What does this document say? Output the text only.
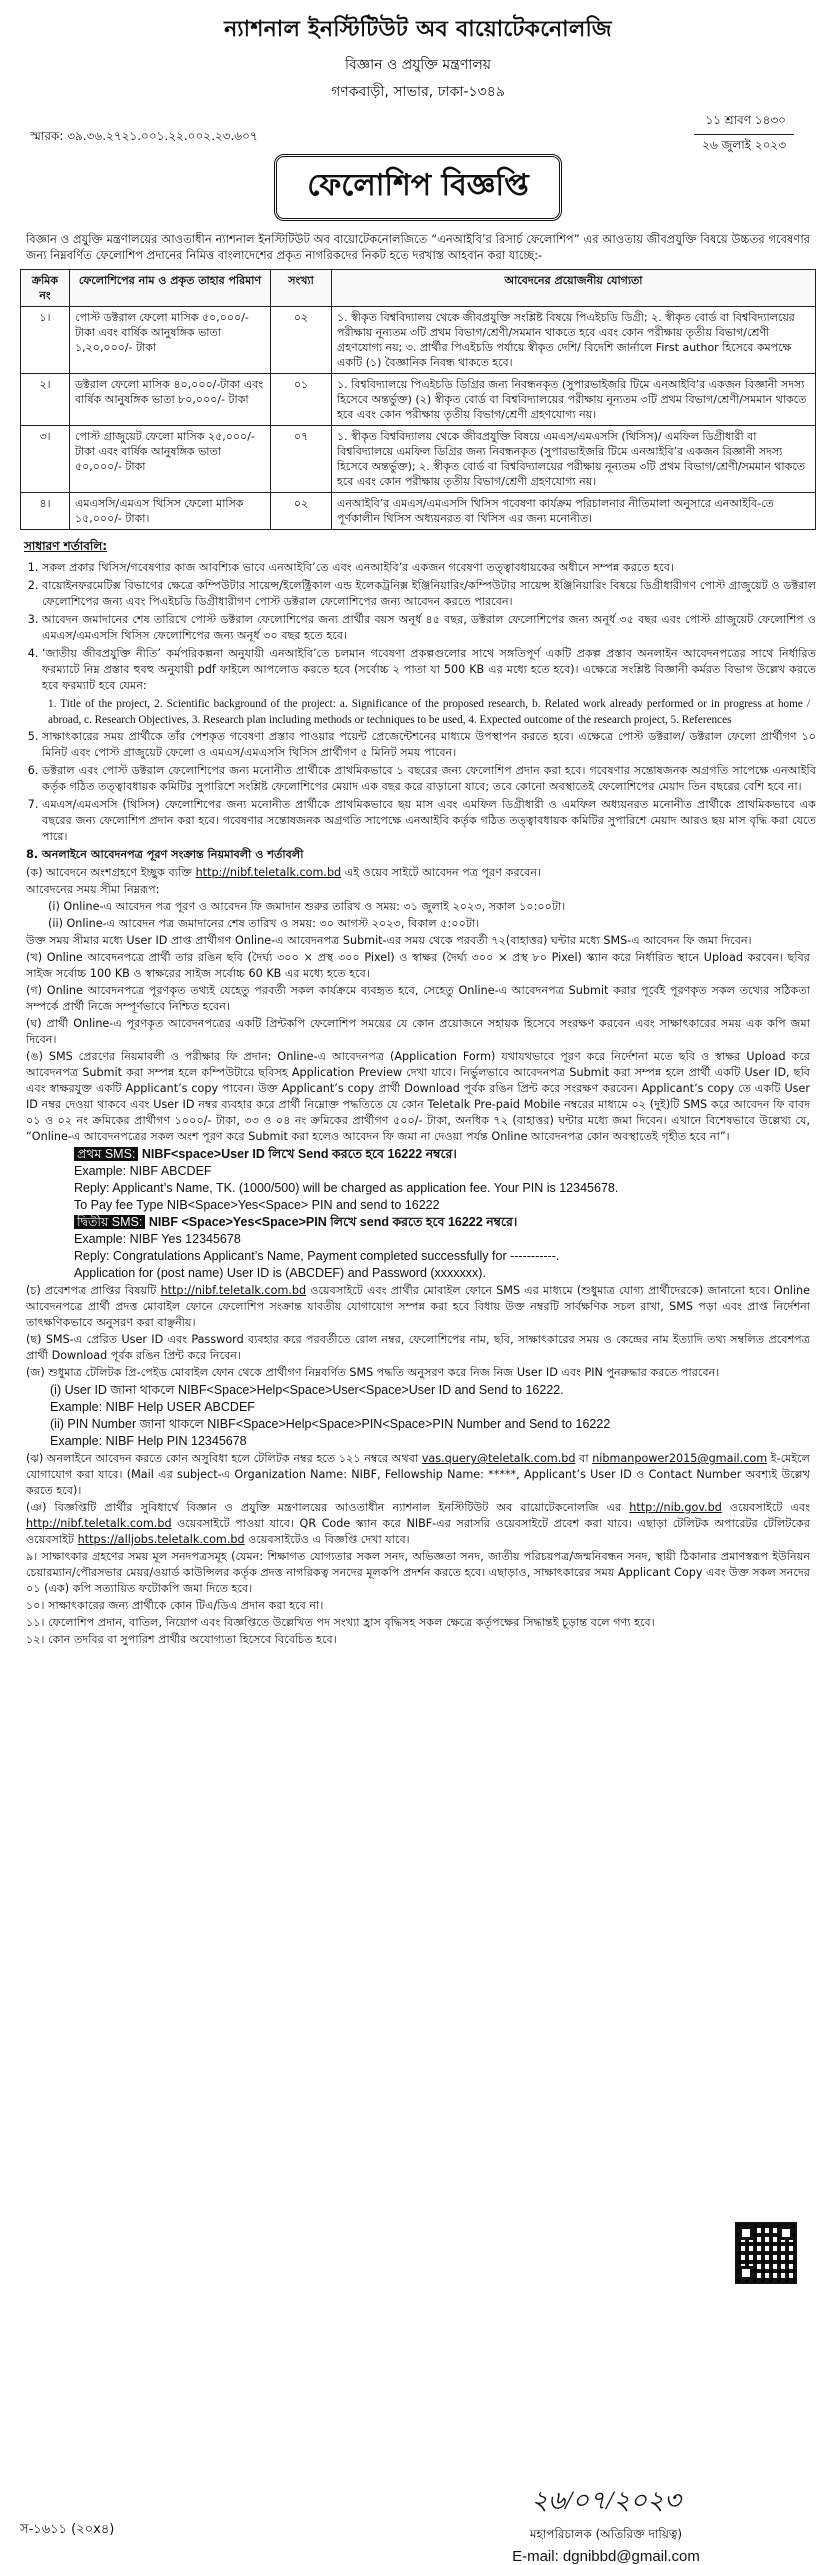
ন্যাশনাল ইনস্টিটিউট অব বায়োটেকনোলজি
বিজ্ঞান ও প্রযুক্তি মন্ত্রণালয়
গণকবাড়ী, সাভার, ঢাকা-১৩৪৯
স্মারক: ৩৯.৩৬.২৭২১.০০১.২২.০০২.২৩.৬০৭
১১ শ্রাবণ ১৪৩০
২৬ জুলাই ২০২৩
ফেলোশিপ বিজ্ঞপ্তি
বিজ্ঞান ও প্রযুক্তি মন্ত্রণালয়ের আওতাধীন ন্যাশনাল ইনস্টিটিউট অব বায়োটেকনোলজিতে “এনআইবি’র রিসার্চ ফেলোশিপ” এর আওতায় জীবপ্রযুক্তি বিষয়ে উচ্চতর গবেষণার জন্য নিম্নবর্ণিত ফেলোশিপ প্রদানের নিমিত্ত বাংলাদেশের প্রকৃত নাগরিকদের নিকট হতে দরখাস্ত আহবান করা যাচ্ছে:-
ক্রমিক নং	ফেলোশিপের নাম ও প্রকৃত তাহার পরিমাণ	সংখ্যা	আবেদনের প্রয়োজনীয় যোগ্যতা
১।	পোস্ট ডক্টরাল ফেলো মাসিক ৫০,০০০/- টাকা এবং বার্ষিক আনুষঙ্গিক ভাতা ১,২০,০০০/- টাকা	০২	১. স্বীকৃত বিশ্ববিদ্যালয় থেকে জীবপ্রযুক্তি সংশ্লিষ্ট বিষয়ে পিএইচডি ডিগ্রী; ২. স্বীকৃত বোর্ড বা বিশ্ববিদ্যালয়ের পরীক্ষায় নূন্যতম ৩টি প্রথম বিভাগ/শ্রেণী/সমমান থাকতে হবে এবং কোন পরীক্ষায় তৃতীয় বিভাগ/শ্রেণী গ্রহণযোগ্য নয়; ৩. প্রার্থীর পিএইচডি পর্যায়ে স্বীকৃত দেশি/ বিদেশি জার্নালে First author হিসেবে কমপক্ষে একটি (১) বৈজ্ঞানিক নিবন্ধ থাকতে হবে।
২।	ডক্টরাল ফেলো মাসিক ৪০,০০০/-টাকা এবং বার্ষিক আনুষঙ্গিক ভাতা ৮০,০০০/- টাকা	০১	১. বিশ্ববিদ্যালয়ে পিএইচডি ডিগ্রির জন্য নিবন্ধনকৃত (সুপারভাইজরি টিমে এনআইবি’র একজন বিজ্ঞানী সদস্য হিসেবে অন্তর্ভুক্ত) (২) স্বীকৃত বোর্ড বা বিশ্ববিদ্যালয়ের পরীক্ষায় নূন্যতম ৩টি প্রথম বিভাগ/শ্রেণী/সমমান থাকতে হবে এবং কোন পরীক্ষায় তৃতীয় বিভাগ/শ্রেণী গ্রহণযোগ্য নয়।
৩।	পোস্ট গ্রাজুয়েট ফেলো মাসিক ২৫,০০০/- টাকা এবং বার্ষিক আনুষঙ্গিক ভাতা ৫০,০০০/- টাকা	০৭	১. স্বীকৃত বিশ্ববিদ্যালয় থেকে জীবপ্রযুক্তি বিষয়ে এমএস/এমএসসি (থিসিস)/ এমফিল ডিগ্রীধারী বা বিশ্ববিদ্যালয়ে এমফিল ডিগ্রির জন্য নিবন্ধনকৃত (সুপারভাইজরি টিমে এনআইবি’র একজন বিজ্ঞানী সদস্য হিসেবে অন্তর্ভুক্ত); ২. স্বীকৃত বোর্ড বা বিশ্ববিদ্যালয়ের পরীক্ষায় নূন্যতম ৩টি প্রথম বিভাগ/শ্রেণী/সমমান থাকতে হবে এবং কোন পরীক্ষায় তৃতীয় বিভাগ/শ্রেণী গ্রহণযোগ্য নয়।
৪।	এমএসসি/এমএস থিসিস ফেলো মাসিক ১৫,০০০/- টাকা।	০২	এনআইবি’র এমএস/এমএসসি থিসিস গবেষণা কার্যক্রম পরিচালনার নীতিমালা অনুসারে এনআইবি-তে পূর্ণকালীন থিসিস অধ্যয়নরত বা থিসিস এর জন্য মনোনীত।
সাধারণ শর্তাবলি:
1. সকল প্রকার থিসিস/গবেষণার কাজ আবশ্যিক ভাবে এনআইবি’তে এবং এনআইবি’র একজন গবেষণা তত্ত্বাবধায়কের অধীনে সম্পন্ন করতে হবে।
2. বায়োইনফরমেটিক্স বিভাগের ক্ষেত্রে কম্পিউটার সায়েন্স/ইলেক্ট্রিকাল এন্ড ইলেকট্রনিক্স ইঞ্জিনিয়ারিং/কম্পিউটার সায়েন্স ইঞ্জিনিয়ারিং বিষয়ে ডিগ্রীধারীগণ পোস্ট গ্রাজুয়েট ও ডক্টরাল ফেলোশিপের জন্য এবং পিএইচডি ডিগ্রীধারীগণ পোস্ট ডক্টরাল ফেলোশিপের জন্য আবেদন করতে পারবেন।
3. আবেদন জমাদানের শেষ তারিখে পোস্ট ডক্টরাল ফেলোশিপের জন্য প্রার্থীর বয়স অনূর্ধ ৪৫ বছর, ডক্টরাল ফেলোশিপের জন্য অনূর্ধ ৩৫ বছর এবং পোস্ট গ্রাজুয়েট ফেলোশিপ ও এমএস/এমএসসি থিসিস ফেলোশিপের জন্য অনূর্ধ ৩০ বছর হতে হবে।
4. ‘জাতীয় জীবপ্রযুক্তি নীতি’ কর্মপরিকল্পনা অনুযায়ী এনআইবি’তে চলমান গবেষণা প্রকল্পগুলোর সাথে সঙ্গতিপূর্ণ একটি প্রকল্প প্রস্তাব অনলাইন আবেদনপত্রের সাথে নির্ধারিত ফরম্যাটে নিম্ন প্রস্তাব হুবহু অনুযায়ী pdf ফাইলে আপলোড করতে হবে (সর্বোচ্চ ২ পাতা যা 500 KB এর মধ্যে হতে হবে)। এক্ষেত্রে সংশ্লিষ্ট বিজ্ঞানী কর্মরত বিভাগ উল্লেখ করতে হবে ফরম্যাট হবে যেমন:
1. Title of the project, 2. Scientific background of the project: a. Significance of the proposed research, b. Related work already performed or in progress at home / abroad, c. Research Objectives, 3. Research plan including methods or techniques to be used, 4. Expected outcome of the research project, 5. References
5. সাক্ষাৎকারের সময় প্রার্থীকে তাঁর পেশকৃত গবেষণা প্রস্তাব পাওয়ার পয়েন্ট প্রেজেন্টেশনের মাধ্যমে উপস্থাপন করতে হবে। এক্ষেত্রে পোস্ট ডক্টরাল/ ডক্টরাল ফেলো প্রার্থীগণ ১০ মিনিট এবং পোস্ট গ্রাজুয়েট ফেলো ও এমএস/এমএসসি থিসিস প্রার্থীগণ ৫ মিনিট সময় পাবেন।
6. ডক্টরাল এবং পোস্ট ডক্টরাল ফেলোশিপের জন্য মনোনীত প্রার্থীকে প্রাথমিকভাবে ১ বছরের জন্য ফেলোশিপ প্রদান করা হবে। গবেষণার সন্তোষজনক অগ্রগতি সাপেক্ষে এনআইবি কর্তৃক গঠিত তত্ত্বাবধায়ক কমিটির সুপারিশে সংশ্লিষ্ট ফেলোশিপের মেয়াদ এক বছর করে বাড়ানো যাবে; তবে কোনো অবস্থাতেই ফেলোশিপের মেয়াদ তিন বছরের বেশি হবে না।
7. এমএস/এমএসসি (থিসিস) ফেলোশিপের জন্য মনোনীত প্রার্থীকে প্রাথমিকভাবে ছয় মাস এবং এমফিল ডিগ্রীধারী ও এমফিল অধ্যয়নরত মনোনীত প্রার্থীকে প্রাথমিকভাবে এক বছরের জন্য ফেলোশিপ প্রদান করা হবে। গবেষণার সন্তোষজনক অগ্রগতি সাপেক্ষে এনআইবি কর্তৃক গঠিত তত্ত্বাবধায়ক কমিটির সুপারিশে মেয়াদ আরও ছয় মাস বৃদ্ধি করা যেতে পারে।
8. অনলাইনে আবেদনপত্র পূরণ সংক্রান্ত নিয়মাবলী ও শর্তাবলী
(ক) আবেদনে অংশগ্রহণে ইচ্ছুক ব্যক্তি http://nibf.teletalk.com.bd এই ওয়েব সাইটে আবেদন পত্র পূরণ করবেন।
আবেদনের সময় সীমা নিম্নরূপ:
(i) Online-এ আবেদন পত্র পূরণ ও আবেদন ফি জমাদান শুরুর তারিখ ও সময়: ৩১ জুলাই ২০২৩, সকাল ১০:০০টা।
(ii) Online-এ আবেদন পত্র জমাদানের শেষ তারিখ ও সময়: ৩০ আগস্ট ২০২৩, বিকাল ৫:০০টা।
উক্ত সময় সীমার মধ্যে User ID প্রাপ্ত প্রার্থীগণ Online-এ আবেদনপত্র Submit-এর সময় থেকে পরবর্তী ৭২(বাহাত্তর) ঘন্টার মধ্যে SMS-এ আবেদন ফি জমা দিবেন।
(খ) Online আবেদনপত্রে প্রার্থী তার রঙিন ছবি (দৈর্ঘ্য ৩০০ × প্রস্থ ৩০০ Pixel) ও স্বাক্ষর (দৈর্ঘ্য ৩০০ × প্রস্থ ৮০ Pixel) স্ক্যান করে নির্ধারিত স্থানে Upload করবেন। ছবির সাইজ সর্বোচ্চ 100 KB ও স্বাক্ষরের সাইজ সর্বোচ্চ 60 KB এর মধ্যে হতে হবে।
(গ) Online আবেদনপত্রে পূরণকৃত তথ্যই যেহেতু পরবর্তী সকল কার্যক্রমে ব্যবহৃত হবে, সেহেতু Online-এ আবেদনপত্র Submit করার পূর্বেই পূরণকৃত সকল তথ্যের সঠিকতা সম্পর্কে প্রার্থী নিজে সম্পূর্ণভাবে নিশ্চিত হবেন।
(ঘ) প্রার্থী Online-এ পূরণকৃত আবেদনপত্রের একটি প্রিন্টকপি ফেলোশিপ সময়ের যে কোন প্রয়োজনে সহায়ক হিসেবে সংরক্ষণ করবেন এবং সাক্ষাৎকারের সময় এক কপি জমা দিবেন।
(ঙ) SMS প্রেরণের নিয়মাবলী ও পরীক্ষার ফি প্রদান: Online-এ আবেদনপত্র (Application Form) যথাযথভাবে পূরণ করে নির্দেশনা মতে ছবি ও স্বাক্ষর Upload করে আবেদনপত্র Submit করা সম্পন্ন হলে কম্পিউটারে ছবিসহ Application Preview দেখা যাবে। নির্ভুলভাবে আবেদনপত্র Submit করা সম্পন্ন হলে প্রার্থী একটি User ID, ছবি এবং স্বাক্ষরযুক্ত একটি Applicant’s copy পাবেন। উক্ত Applicant’s copy প্রার্থী Download পূর্বক রঙিন প্রিন্ট করে সংরক্ষণ করবেন। Applicant’s copy তে একটি User ID নম্বর দেওয়া থাকবে এবং User ID নম্বর ব্যবহার করে প্রার্থী নিম্নোক্ত পদ্ধতিতে যে কোন Teletalk Pre-paid Mobile নম্বরের মাধ্যমে ০২ (দুই)টি SMS করে আবেদন ফি বাবদ ০১ ও ০২ নং ক্রমিকের প্রার্থীগণ ১০০০/- টাকা, ৩৩ ও ০৪ নং ক্রমিকের প্রার্থীগণ ৫০০/- টাকা, অনধিক ৭২ (বাহাত্তর) ঘন্টার মধ্যে জমা দিবেন। এখানে বিশেষভাবে উল্লেখ্য যে, “Online-এ আবেদনপত্রের সকল অংশ পূরণ করে Submit করা হলেও আবেদন ফি জমা না দেওয়া পর্যন্ত Online আবেদনপত্র কোন অবস্থাতেই গৃহীত হবে না”।
প্রথম SMS: NIBF<space>User ID লিখে Send করতে হবে 16222 নম্বরে।
Example: NIBF ABCDEF
Reply: Applicant’s Name, TK. (1000/500) will be charged as application fee. Your PIN is 12345678.
To Pay fee Type NIB<Space>Yes<Space> PIN and send to 16222
দ্বিতীয় SMS: NIBF <Space>Yes<Space>PIN লিখে send করতে হবে 16222 নম্বরে।
Example: NIBF Yes 12345678
Reply: Congratulations Applicant’s Name, Payment completed successfully for -----------.
Application for (post name) User ID is (ABCDEF) and Password (xxxxxxx).
(চ) প্রবেশপত্র প্রাপ্তির বিষয়টি http://nibf.teletalk.com.bd ওয়েবসাইটে এবং প্রার্থীর মোবাইল ফোনে SMS এর মাধ্যমে (শুধুমাত্র যোগ্য প্রার্থীদেরকে) জানানো হবে। Online আবেদনপত্রে প্রার্থী প্রদত্ত মোবাইল ফোনে ফেলোশিপ সংক্রান্ত যাবতীয় যোগাযোগ সম্পন্ন করা হবে বিধায় উক্ত নম্বরটি সার্বক্ষণিক সচল রাখা, SMS পড়া এবং প্রাপ্ত নির্দেশনা তাৎক্ষণিকভাবে অনুসরণ করা বাঞ্ছনীয়।
(ছ) SMS-এ প্রেরিত User ID এবং Password ব্যবহার করে পরবর্তীতে রোল নম্বর, ফেলোশিপের নাম, ছবি, সাক্ষাৎকারের সময় ও কেন্দ্রের নাম ইত্যাদি তথ্য সম্বলিত প্রবেশপত্র প্রার্থী Download পূর্বক রঙিন প্রিন্ট করে নিবেন।
(জ) শুধুমাত্র টেলিটক প্রি-পেইড মোবাইল ফোন থেকে প্রার্থীগণ নিম্নবর্ণিত SMS পদ্ধতি অনুসরণ করে নিজ নিজ User ID এবং PIN পুনরুদ্ধার করতে পারবেন।
(i) User ID জানা থাকলে NIBF<Space>Help<Space>User<Space>User ID and Send to 16222.
Example: NIBF Help USER ABCDEF
(ii) PIN Number জানা থাকলে NIBF<Space>Help<Space>PIN<Space>PIN Number and Send to 16222
Example: NIBF Help PIN 12345678
(ঝ) অনলাইনে আবেদন করতে কোন অসুবিধা হলে টেলিটক নম্বর হতে ১২১ নম্বরে অথবা vas.query@teletalk.com.bd বা nibmanpower2015@gmail.com ই-মেইলে যোগাযোগ করা যাবে। (Mail এর subject-এ Organization Name: NIBF, Fellowship Name: *****, Applicant’s User ID ও Contact Number অবশ্যই উল্লেখ করতে হবে)।
(ঞ) বিজ্ঞপ্তিটি প্রার্থীর সুবিধার্থে বিজ্ঞান ও প্রযুক্তি মন্ত্রণালয়ের আওতাধীন ন্যাশনাল ইনস্টিটিউট অব বায়োটেকনোলজি এর http://nib.gov.bd ওয়েবসাইটে এবং http://nibf.teletalk.com.bd ওয়েবসাইটে পাওয়া যাবে। QR Code স্ক্যান করে NIBF-এর সরাসরি ওয়েবসাইটে প্রবেশ করা যাবে। এছাড়া টেলিটক অপারেটর টেলিটকের ওয়েবসাইট https://alljobs.teletalk.com.bd ওয়েবসাইটেও এ বিজ্ঞপ্তি দেখা যাবে।
৯। সাক্ষাৎকার গ্রহণের সময় মূল সনদপত্রসমূহ (যেমন: শিক্ষাগত যোগ্যতার সকল সনদ, অভিজ্ঞতা সনদ, জাতীয় পরিচয়পত্র/জন্মনিবন্ধন সনদ, স্থায়ী ঠিকানার প্রমাণস্বরূপ ইউনিয়ন চেয়ারম্যান/পৌরসভার মেয়র/ওয়ার্ড কাউন্সিলর কর্তৃক প্রদত্ত নাগরিকত্ব সনদের মূলকপি প্রদর্শন করতে হবে। এছাড়াও, সাক্ষাৎকারের সময় Applicant Copy এবং উক্ত সকল সনদের ০১ (এক) কপি সত্যায়িত ফটোকপি জমা দিতে হবে।
১০। সাক্ষাৎকারের জন্য প্রার্থীকে কোন টিএ/ডিএ প্রদান করা হবে না।
১১। ফেলোশিপ প্রদান, বাতিল, নিয়োগ এবং বিজ্ঞপ্তিতে উল্লেখিত পদ সংখ্যা হ্রাস বৃদ্ধিসহ সকল ক্ষেত্রে কর্তৃপক্ষের সিদ্ধান্তই চূড়ান্ত বলে গণ্য হবে।
১২। কোন তদবির বা সুপারিশ প্রার্থীর অযোগ্যতা হিসেবে বিবেচিত হবে।
স-১৬১১ (২০x৪)
২৬/০৭/২০২৩
মহাপরিচালক (অতিরিক্ত দায়িত্ব)
E-mail: dgnibbd@gmail.com
